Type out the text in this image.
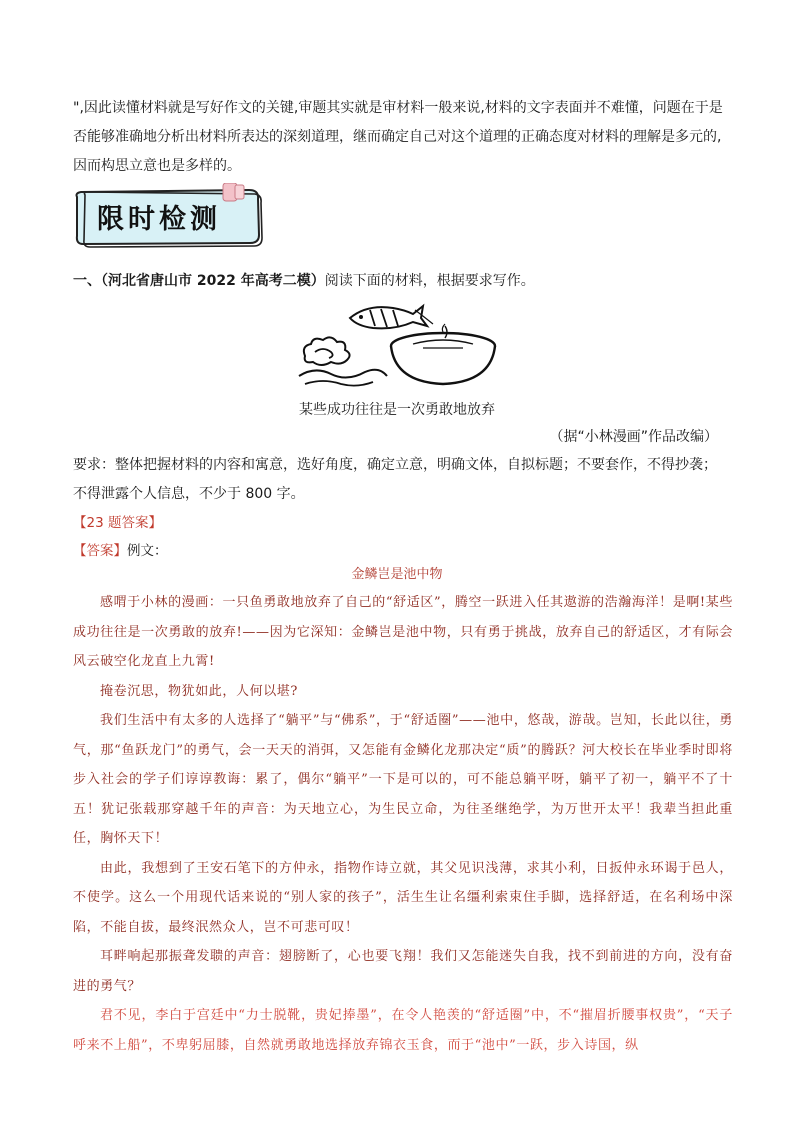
",因此读懂材料就是写好作文的关键,审题其实就是审材料一般来说,材料的文字表面并不难懂，问题在于是否能够准确地分析出材料所表达的深刻道理，继而确定自己对这个道理的正确态度对材料的理解是多元的,因而构思立意也是多样的。

限时检测

一、（河北省唐山市 2022 年高考二模）阅读下面的材料，根据要求写作。

某些成功往往是一次勇敢地放弃
（据“小林漫画”作品改编）

要求：整体把握材料的内容和寓意，选好角度，确定立意，明确文体，自拟标题；不要套作，不得抄袭；不得泄露个人信息，不少于 800 字。

【23 题答案】

【答案】例文：

金鳞岂是池中物

感喟于小林的漫画：一只鱼勇敢地放弃了自己的“舒适区”，腾空一跃进入任其遨游的浩瀚海洋！是啊!某些成功往往是一次勇敢的放弃!——因为它深知：金鳞岂是池中物，只有勇于挑战，放弃自己的舒适区，才有际会风云破空化龙直上九霄!

掩卷沉思，物犹如此，人何以堪?

我们生活中有太多的人选择了“躺平”与“佛系”，于“舒适圈”——池中，悠哉，游哉。岂知，长此以往，勇气，那“鱼跃龙门”的勇气，会一天天的消弭，又怎能有金鳞化龙那决定“质”的腾跃？河大校长在毕业季时即将步入社会的学子们谆谆教诲：累了，偶尔“躺平”一下是可以的，可不能总躺平呀，躺平了初一，躺平不了十五！犹记张载那穿越千年的声音：为天地立心，为生民立命，为往圣继绝学，为万世开太平！我辈当担此重任，胸怀天下！

由此，我想到了王安石笔下的方仲永，指物作诗立就，其父见识浅薄，求其小利，日扳仲永环谒于邑人，不使学。这么一个用现代话来说的“别人家的孩子”，活生生让名缰利索束住手脚，选择舒适，在名利场中深陷，不能自拔，最终泯然众人，岂不可悲可叹！

耳畔响起那振聋发聩的声音：翅膀断了，心也要飞翔！我们又怎能迷失自我，找不到前进的方向，没有奋进的勇气？

君不见，李白于宫廷中“力士脱靴，贵妃捧墨”，在令人艳羡的“舒适圈”中，不“摧眉折腰事权贵”，“天子呼来不上船”，不卑躬屈膝，自然就勇敢地选择放弃锦衣玉食，而于“池中”一跃，步入诗国，纵
